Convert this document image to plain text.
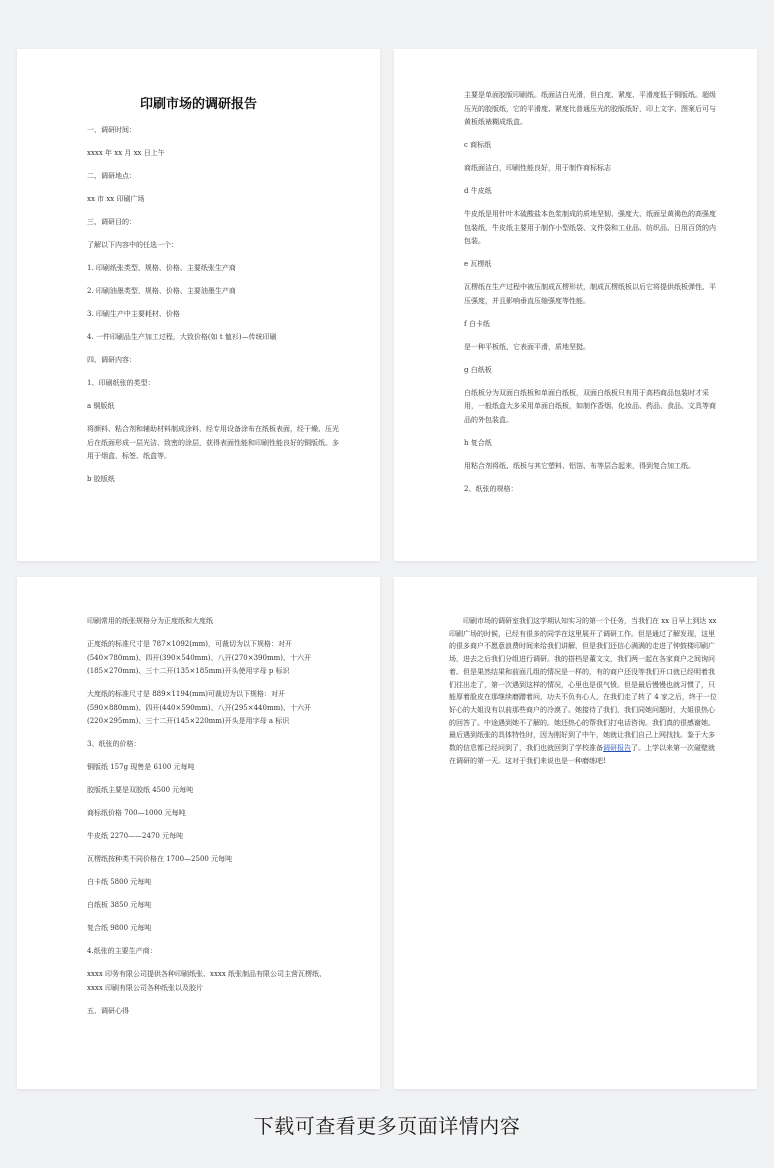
印刷市场的调研报告
一、调研时间：
xxxx 年 xx 月 xx 日上午
二、调研地点：
xx 市 xx 印刷广场
三、调研目的：
了解以下内容中的任选一个：
1. 印刷纸张类型、规格、价格、主要纸张生产商
2. 印刷油墨类型、规格、价格、主要油墨生产商
3. 印刷生产中主要耗材、价格
4. 一件印刷品生产加工过程，大致价格(如 t 恤衫)—传统印刷
四、调研内容：
1、印刷纸张的类型：
a 铜版纸
将颜料、粘合剂和辅助材料制成涂料，经专用设备涂布在纸板表面，经干燥、压光后在纸面形成一层光洁、致密的涂层，获得表面性能和印刷性能良好的铜版纸。多用于烟盒、标签、纸盒等。
b 胶版纸
主要是单面胶版印刷纸。纸面洁白光滑，但白度、紧度、平滑度低于铜版纸。超级压光的胶版纸，它的平滑度、紧度比普通压光的胶版纸好，印上文字、图案后可与黄板纸裱糊成纸盒。
c 商标纸
商纸面洁白，印刷性能良好，用于制作商标标志
d 牛皮纸
牛皮纸是用针叶木硫酸盐本色浆制成的质地坚韧、强度大、纸面呈黄褐色的高强度包装纸，牛皮纸主要用于制作小型纸袋、文件袋和工业品、纺织品、日用百货的内包装。
e 瓦楞纸
瓦楞纸在生产过程中被压制成瓦楞形状，制成瓦楞纸板以后它将提供纸板弹性、平压强度，并且影响垂直压缩强度等性能。
f 白卡纸
是一种平板纸，它表面平滑，质地坚挺。
g 白纸板
白纸板分为双面白纸板和单面白纸板，双面白纸板只有用于高档商品包装时才采用，一般纸盒大多采用单面白纸板，如制作香烟、化妆品、药品、食品、文具等商品的外包装盒。
h 复合纸
用粘合剂将纸、纸板与其它塑料、铝箔、布等层合起来，得到复合加工纸。
2、纸张的规格：
印刷常用的纸张规格分为正度纸和大度纸
正度纸的标准尺寸是 787×1092(mm)，可裁切为以下规格：对开(540×780mm)、四开(390×540mm)、八开(270×390mm)、十六开(185×270mm)、三十二开(135×185mm)开头使用字母 p 标识
大度纸的标准尺寸是 889×1194(mm)可裁切为以下规格：对开(590×880mm)、四开(440×590mm)、八开(295×440mm)、十六开(220×295mm)、三十二开(145×220mm)开头是用字母 a 标识
3、纸张的价格：
铜版纸 157g 现售是 6100 元每吨
胶版纸主要是双胶纸 4500 元每吨
商标纸价格 700—1000 元每吨
牛皮纸 2270——2470 元每吨
瓦楞纸按种类不同价格在 1700—2500 元每吨
白卡纸 5800 元每吨
白纸板 3850 元每吨
复合纸 9800 元每吨
4.纸张的主要生产商：
xxxx 印务有限公司提供各种印刷纸张、xxxx 纸张制品有限公司主营瓦楞纸、xxxx 印刷有限公司各种纸张以及胶片
五、调研心得
印刷市场的调研室我们这学期认知实习的第一个任务，当我们在 xx 日早上到达 xx 印刷广场的时候，已经有很多的同学在这里展开了调研工作。但是通过了解发现，这里的很多商户不愿意浪费时间来给我们讲解，但是我们还信心满满的走进了钟鼓楼印刷广场，进去之后我们分组进行调研。我的搭档是董文文，我们两一起在各家商户之间询问着。但是果然结果和前面几组的情况是一样的，有的商户还没等我们开口就已经明着我们往出走了，第一次遇到这样的情况，心里也是很气愤。但是最后慢慢也就习惯了，只能厚着脸皮在那继续磨蹭着问，功夫不负有心人，在我们走了转了 4 家之后，终于一位好心的大姐没有以前那些商户的冷漠了。她接待了我们，我们同她问题时，大姐很热心的回答了。中途遇到她不了解的。她还热心的帮我们打电话咨询。我们真的很感谢她。最后遇到纸张的具体特性时，因为刚好到了中午，她就让我们自己上网找找。鉴于大多数的信息都已经问到了，我们也就回到了学校准备调研报告了。上学以来第一次碰壁就在调研的第一天。这对于我们来说也是一种磨练吧!
下载可查看更多页面详情内容
